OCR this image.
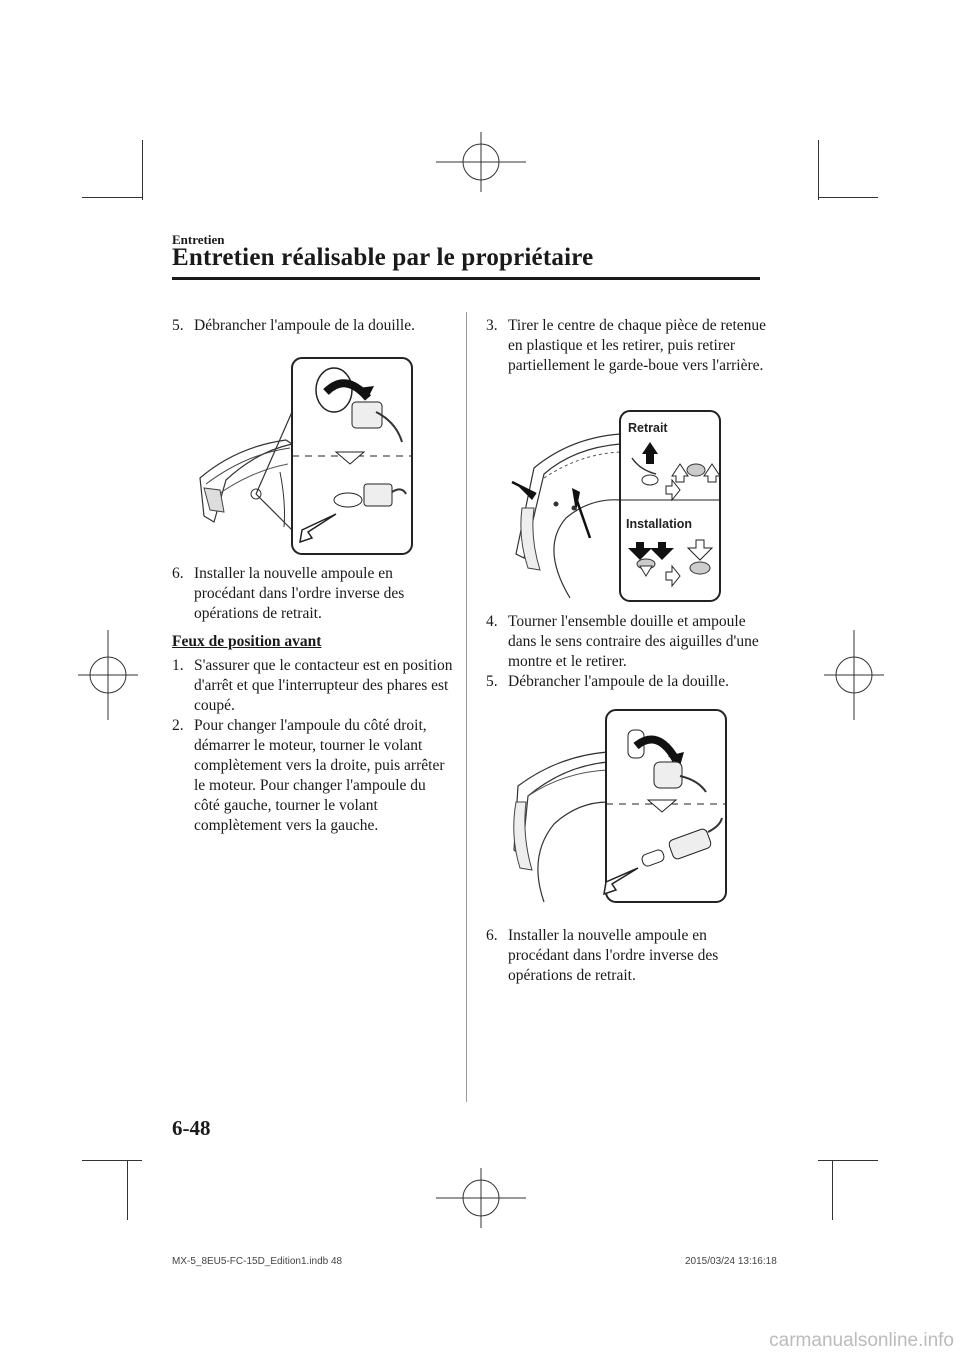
Entretien
Entretien réalisable par le propriétaire
5. Débrancher l'ampoule de la douille.
6. Installer la nouvelle ampoule en procédant dans l'ordre inverse des opérations de retrait.
Feux de position avant
1. S'assurer que le contacteur est en position d'arrêt et que l'interrupteur des phares est coupé.
2. Pour changer l'ampoule du côté droit, démarrer le moteur, tourner le volant complètement vers la droite, puis arrêter le moteur. Pour changer l'ampoule du côté gauche, tourner le volant complètement vers la gauche.
3. Tirer le centre de chaque pièce de retenue en plastique et les retirer, puis retirer partiellement le garde-boue vers l'arrière.
Retrait
Installation
4. Tourner l'ensemble douille et ampoule dans le sens contraire des aiguilles d'une montre et le retirer.
5. Débrancher l'ampoule de la douille.
6. Installer la nouvelle ampoule en procédant dans l'ordre inverse des opérations de retrait.
6-48
MX-5_8EU5-FC-15D_Edition1.indb 48	2015/03/24 13:16:18
carmanualsonline.info
